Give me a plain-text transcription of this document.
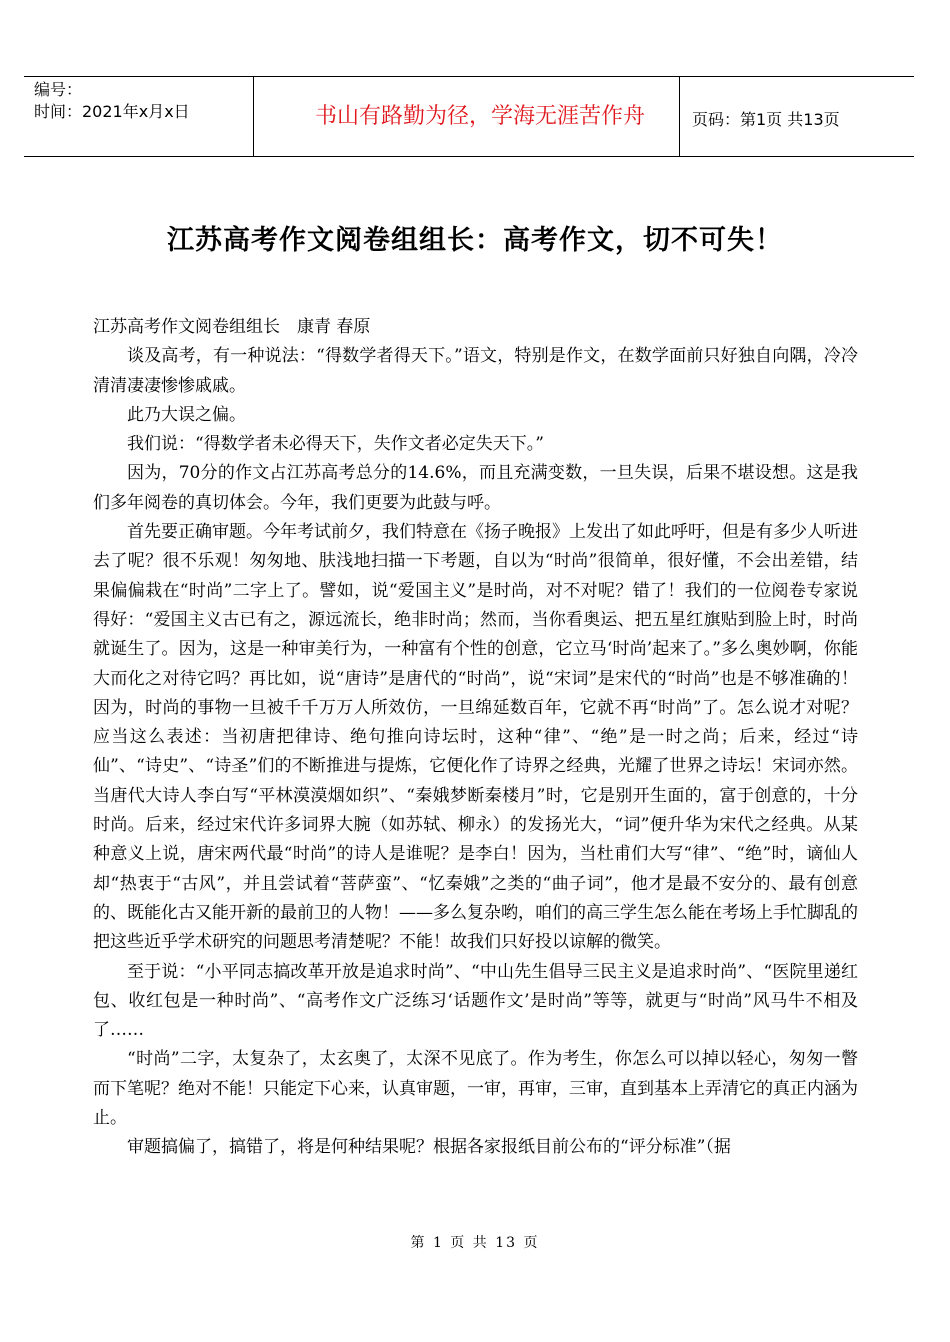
编号：
时间：2021年x月x日	书山有路勤为径，学海无涯苦作舟	页码：第1页 共13页
江苏高考作文阅卷组组长：高考作文，切不可失！

江苏高考作文阅卷组组长　康青 春原

谈及高考，有一种说法：“得数学者得天下。”语文，特别是作文，在数学面前只好独自向隅，冷冷清清凄凄惨惨戚戚。

此乃大误之偏。

我们说：“得数学者未必得天下，失作文者必定失天下。”

因为，70分的作文占江苏高考总分的14.6%，而且充满变数，一旦失误，后果不堪设想。这是我们多年阅卷的真切体会。今年，我们更要为此鼓与呼。

首先要正确审题。今年考试前夕，我们特意在《扬子晚报》上发出了如此呼吁，但是有多少人听进去了呢？很不乐观！匆匆地、肤浅地扫描一下考题，自以为“时尚”很简单，很好懂，不会出差错，结果偏偏栽在“时尚”二字上了。譬如，说“爱国主义”是时尚，对不对呢？错了！我们的一位阅卷专家说得好：“爱国主义古已有之，源远流长，绝非时尚；然而，当你看奥运、把五星红旗贴到脸上时，时尚就诞生了。因为，这是一种审美行为，一种富有个性的创意，它立马‘时尚’起来了。”多么奥妙啊，你能大而化之对待它吗？再比如，说“唐诗”是唐代的“时尚”，说“宋词”是宋代的“时尚”也是不够准确的！因为，时尚的事物一旦被千千万万人所效仿，一旦绵延数百年，它就不再“时尚”了。怎么说才对呢？应当这么表述：当初唐把律诗、绝句推向诗坛时，这种“律”、“绝”是一时之尚；后来，经过“诗仙”、“诗史”、“诗圣”们的不断推进与提炼，它便化作了诗界之经典，光耀了世界之诗坛！宋词亦然。当唐代大诗人李白写“平林漠漠烟如织”、“秦娥梦断秦楼月”时，它是别开生面的，富于创意的，十分时尚。后来，经过宋代许多词界大腕（如苏轼、柳永）的发扬光大，“词”便升华为宋代之经典。从某种意义上说，唐宋两代最“时尚”的诗人是谁呢？是李白！因为，当杜甫们大写“律”、“绝”时，谪仙人却“热衷于“古风”，并且尝试着“菩萨蛮”、“忆秦娥”之类的“曲子词”，他才是最不安分的、最有创意的、既能化古又能开新的最前卫的人物！——多么复杂哟，咱们的高三学生怎么能在考场上手忙脚乱的把这些近乎学术研究的问题思考清楚呢？不能！故我们只好投以谅解的微笑。

至于说：“小平同志搞改革开放是追求时尚”、“中山先生倡导三民主义是追求时尚”、“医院里递红包、收红包是一种时尚”、“高考作文广泛练习‘话题作文’是时尚”等等，就更与“时尚”风马牛不相及了……

“时尚”二字，太复杂了，太玄奥了，太深不见底了。作为考生，你怎么可以掉以轻心，匆匆一瞥而下笔呢？绝对不能！只能定下心来，认真审题，一审，再审，三审，直到基本上弄清它的真正内涵为止。

审题搞偏了，搞错了，将是何种结果呢？根据各家报纸目前公布的“评分标准”（据

第 1 页 共 13 页
